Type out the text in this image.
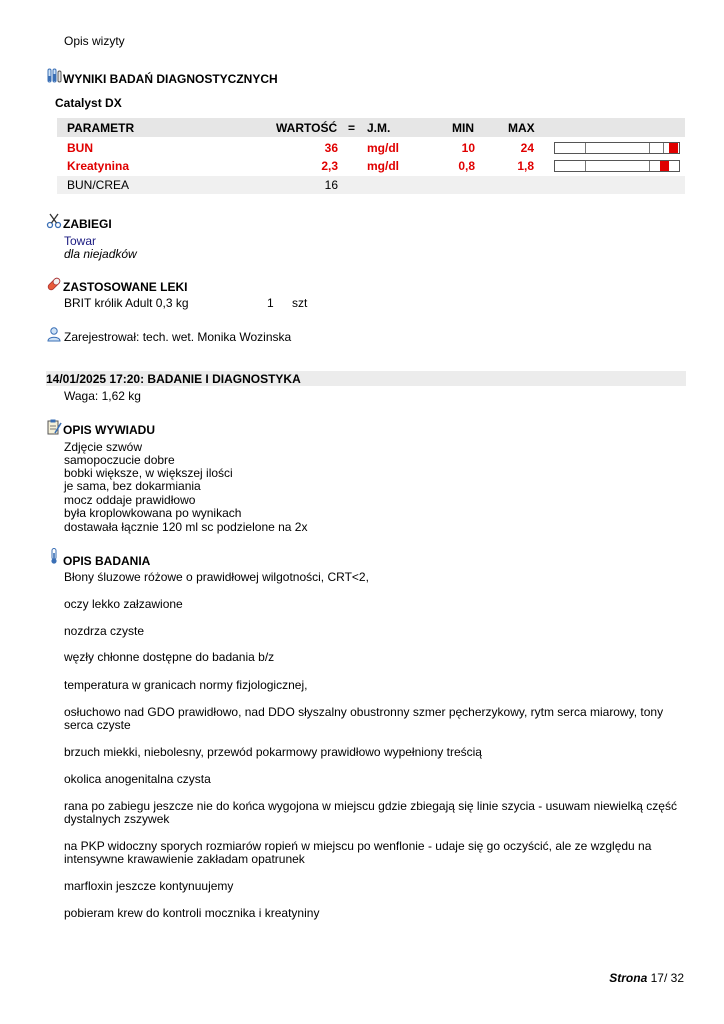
Opis wizyty
WYNIKI BADAŃ DIAGNOSTYCZNYCH
Catalyst DX
PARAMETR	WARTOŚĆ = J.M.	MIN	MAX
BUN	36 mg/dl	10	24
Kreatynina	2,3 mg/dl	0,8	1,8
BUN/CREA	16
ZABIEGI
Towar
dla niejadków
ZASTOSOWANE LEKI
BRIT królik Adult 0,3 kg	1 szt
Zarejestrował: tech. wet. Monika Wozinska
14/01/2025 17:20: BADANIE I DIAGNOSTYKA
Waga: 1,62 kg
OPIS WYWIADU
Zdjęcie szwów
samopoczucie dobre
bobki większe, w większej ilości
je sama, bez dokarmiania
mocz oddaje prawidłowo
była kroplowkowana po wynikach
dostawała łącznie 120 ml sc podzielone na 2x
OPIS BADANIA
Błony śluzowe różowe o prawidłowej wilgotności, CRT<2,
oczy lekko załzawione
nozdrza czyste
węzły chłonne dostępne do badania b/z
temperatura w granicach normy fizjologicznej,
osłuchowo nad GDO prawidłowo, nad DDO słyszalny obustronny szmer pęcherzykowy, rytm serca miarowy, tony serca czyste
brzuch miekki, niebolesny, przewód pokarmowy prawidłowo wypełniony treścią
okolica anogenitalna czysta
rana po zabiegu jeszcze nie do końca wygojona w miejscu gdzie zbiegają się linie szycia - usuwam niewielką część dystalnych zszywek
na PKP widoczny sporych rozmiarów ropień w miejscu po wenflonie - udaje się go oczyścić, ale ze względu na intensywne krawawienie zakładam opatrunek
marfloxin jeszcze kontynuujemy
pobieram krew do kontroli mocznika i kreatyniny
Strona 17/ 32
